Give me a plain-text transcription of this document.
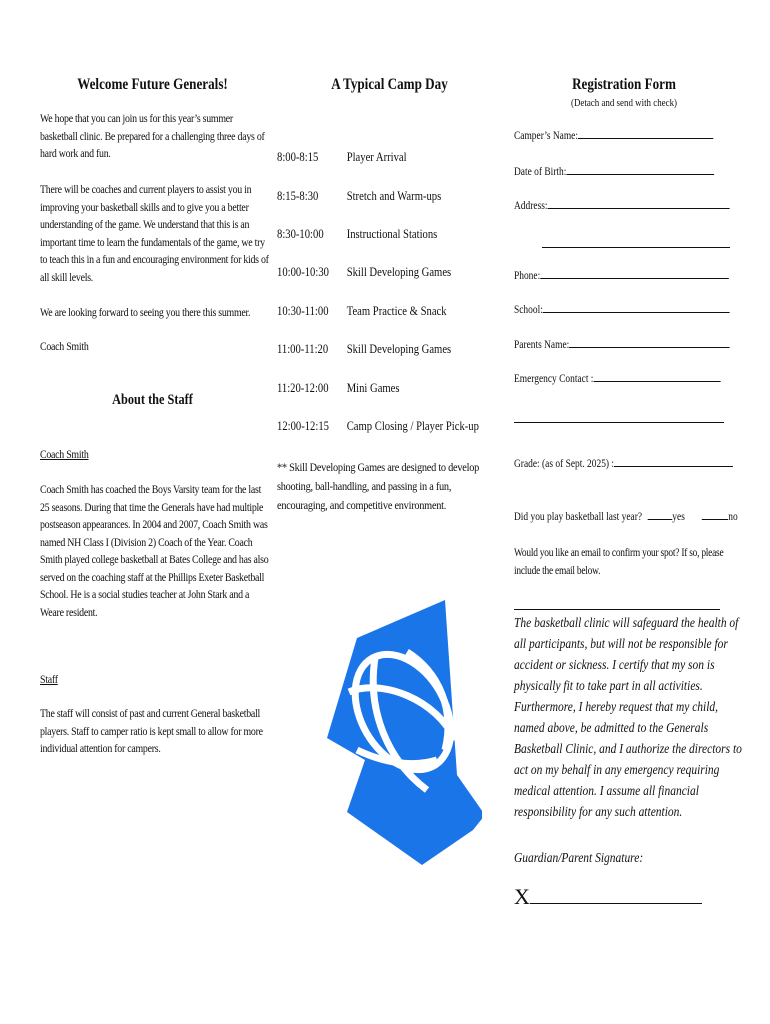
Welcome Future Generals!
We hope that you can join us for this year’s summer
basketball clinic. Be prepared for a challenging three days of
hard work and fun.
There will be coaches and current players to assist you in
improving your basketball skills and to give you a better
understanding of the game. We understand that this is an
important time to learn the fundamentals of the game, we try
to teach this in a fun and encouraging environment for kids of
all skill levels.
We are looking forward to seeing you there this summer.
Coach Smith
About the Staff
Coach Smith
Coach Smith has coached the Boys Varsity team for the last
25 seasons. During that time the Generals have had multiple
postseason appearances. In 2004 and 2007, Coach Smith was
named NH Class I (Division 2) Coach of the Year. Coach
Smith played college basketball at Bates College and has also
served on the coaching staff at the Phillips Exeter Basketball
School. He is a social studies teacher at John Stark and a
Weare resident.
Staff
The staff will consist of past and current General basketball
players. Staff to camper ratio is kept small to allow for more
individual attention for campers.
A Typical Camp Day
8:00-8:15 Player Arrival
8:15-8:30 Stretch and Warm-ups
8:30-10:00 Instructional Stations
10:00-10:30 Skill Developing Games
10:30-11:00 Team Practice & Snack
11:00-11:20 Skill Developing Games
11:20-12:00 Mini Games
12:00-12:15 Camp Closing / Player Pick-up
** Skill Developing Games are designed to develop
shooting, ball-handling, and passing in a fun,
encouraging, and competitive environment.
Registration Form
(Detach and send with check)
Camper’s Name:
Date of Birth:
Address:
Phone:
School:
Parents Name:
Emergency Contact :
Grade: (as of Sept. 2025) :
Did you play basketball last year?	yes	no
Would you like an email to confirm your spot? If so, please
include the email below.
The basketball clinic will safeguard the health of
all participants, but will not be responsible for
accident or sickness. I certify that my son is
physically fit to take part in all activities.
Furthermore, I hereby request that my child,
named above, be admitted to the Generals
Basketball Clinic, and I authorize the directors to
act on my behalf in any emergency requiring
medical attention. I assume all financial
responsibility for any such attention.
Guardian/Parent Signature:
X
